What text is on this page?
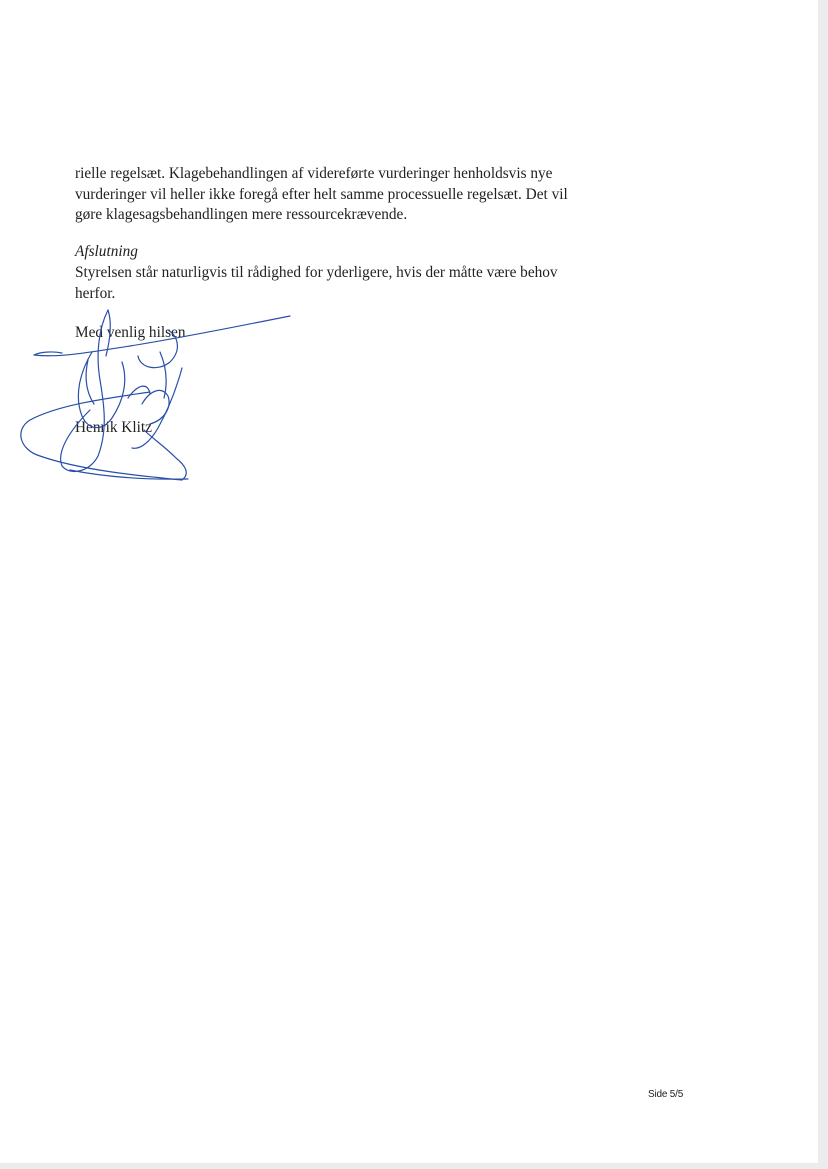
rielle regelsæt. Klagebehandlingen af videreførte vurderinger henholdsvis nye
vurderinger vil heller ikke foregå efter helt samme processuelle regelsæt. Det vil
gøre klagesagsbehandlingen mere ressourcekrævende.
Afslutning
Styrelsen står naturligvis til rådighed for yderligere, hvis der måtte være behov
herfor.
Med venlig hilsen
Henrik Klitz
Side 5/5
